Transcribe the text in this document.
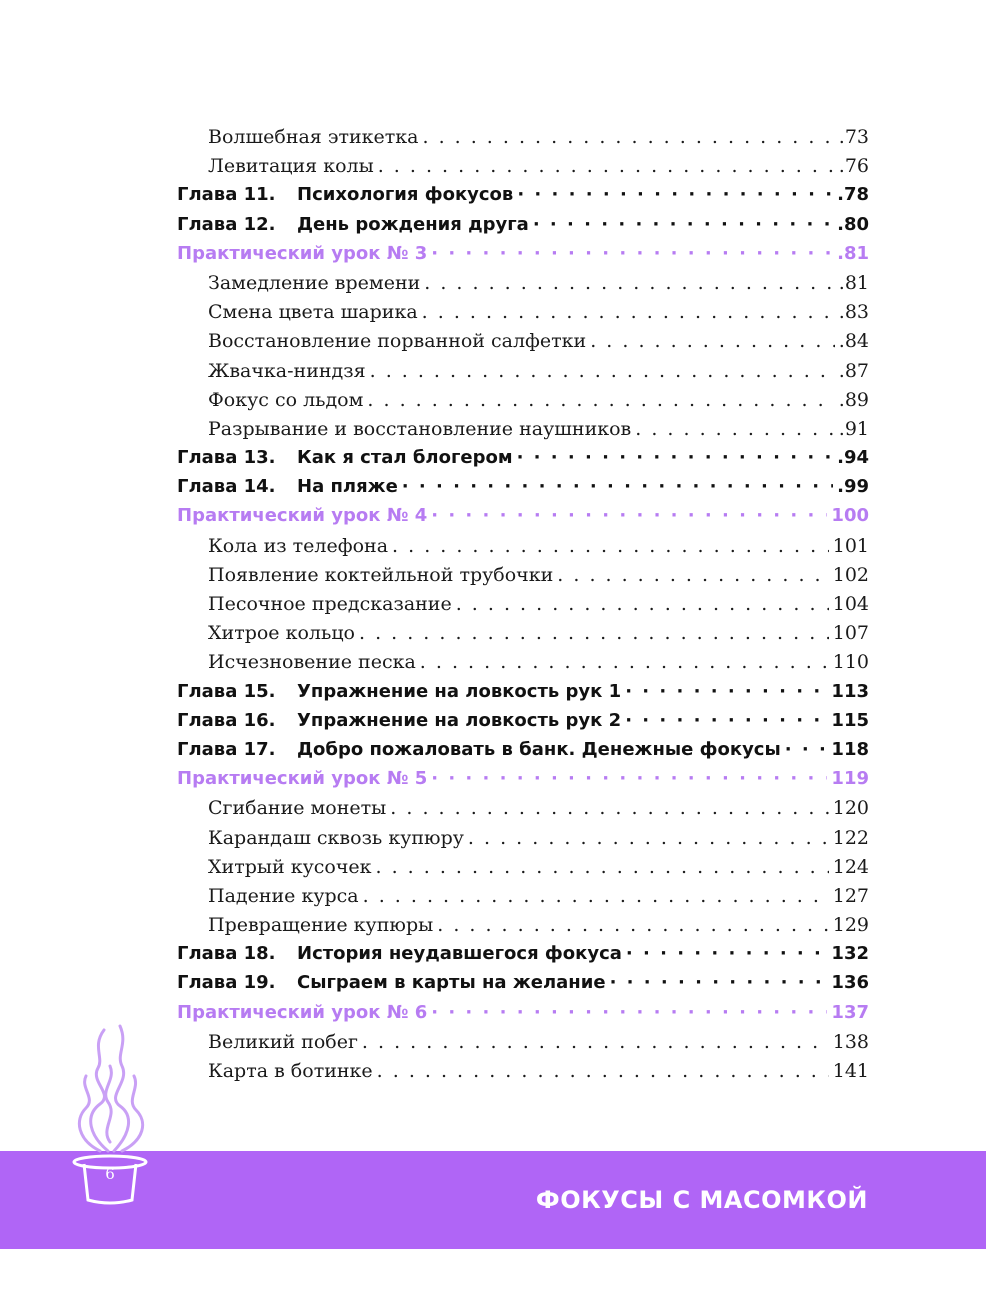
Волшебная этикетка . . .	.73
Левитация колы . . .	.76
Глава 11.	Психология фокусов · · ·	.78
Глава 12.	День рождения друга · · ·	.80
Практический урок № 3 · · ·	.81
Замедление времени . . .	.81
Смена цвета шарика . . .	.83
Восстановление порванной салфетки . . .	.84
Жвачка-ниндзя . . .	.87
Фокус со льдом . . .	.89
Разрывание и восстановление наушников . . .	.91
Глава 13.	Как я стал блогером · · ·	.94
Глава 14.	На пляже · · ·	.99
Практический урок № 4 · · ·	100
Кола из телефона . . .	101
Появление коктейльной трубочки . . .	102
Песочное предсказание . . .	104
Хитрое кольцо . . .	107
Исчезновение песка . . .	110
Глава 15.	Упражнение на ловкость рук 1 · · ·	113
Глава 16.	Упражнение на ловкость рук 2 · · ·	115
Глава 17.	Добро пожаловать в банк. Денежные фокусы · · ·	118
Практический урок № 5 · · ·	119
Сгибание монеты . . .	120
Карандаш сквозь купюру . . .	122
Хитрый кусочек . . .	124
Падение курса . . .	127
Превращение купюры . . .	129
Глава 18.	История неудавшегося фокуса · · ·	132
Глава 19.	Сыграем в карты на желание · · ·	136
Практический урок № 6 · · ·	137
Великий побег . . .	138
Карта в ботинке . . .	141
6
ФОКУСЫ С МАСОМКОЙ
